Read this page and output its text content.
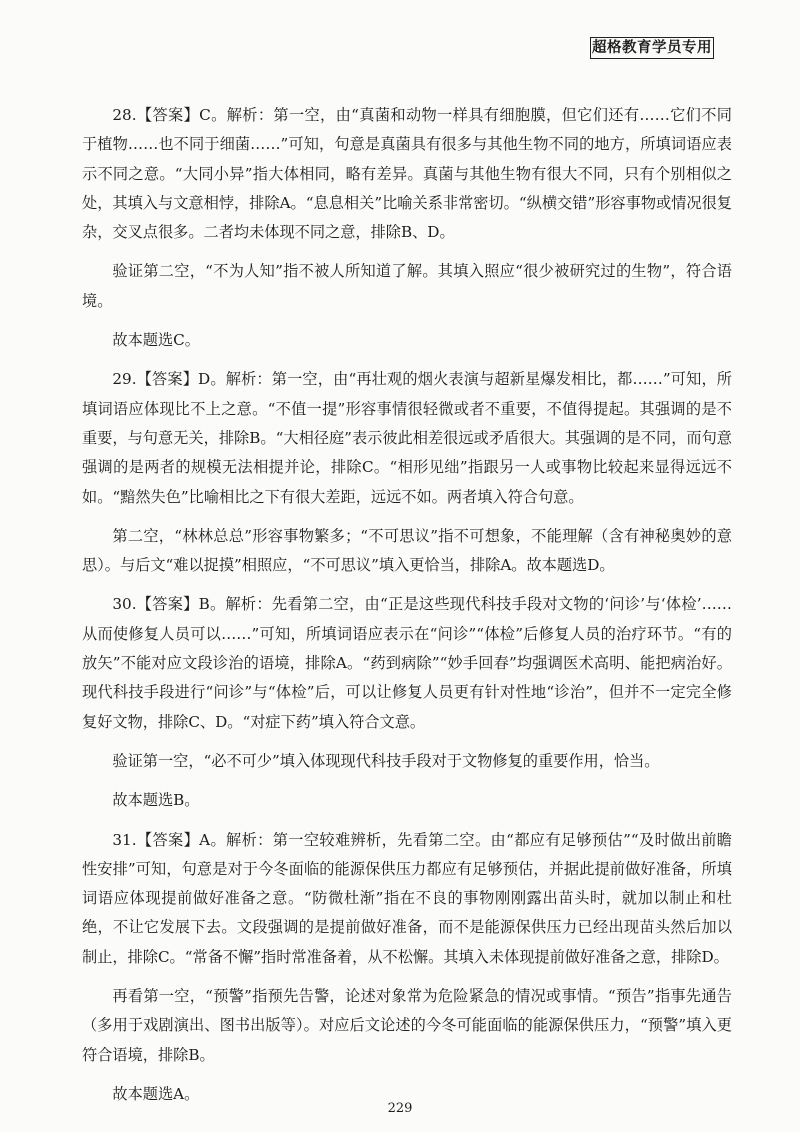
超格教育学员专用

28.【答案】C。解析：第一空，由“真菌和动物一样具有细胞膜，但它们还有……它们不同于植物……也不同于细菌……”可知，句意是真菌具有很多与其他生物不同的地方，所填词语应表示不同之意。“大同小异”指大体相同，略有差异。真菌与其他生物有很大不同，只有个别相似之处，其填入与文意相悖，排除A。“息息相关”比喻关系非常密切。“纵横交错”形容事物或情况很复杂，交叉点很多。二者均未体现不同之意，排除B、D。

验证第二空，“不为人知”指不被人所知道了解。其填入照应“很少被研究过的生物”，符合语境。

故本题选C。

29.【答案】D。解析：第一空，由“再壮观的烟火表演与超新星爆发相比，都……”可知，所填词语应体现比不上之意。“不值一提”形容事情很轻微或者不重要，不值得提起。其强调的是不重要，与句意无关，排除B。“大相径庭”表示彼此相差很远或矛盾很大。其强调的是不同，而句意强调的是两者的规模无法相提并论，排除C。“相形见绌”指跟另一人或事物比较起来显得远远不如。“黯然失色”比喻相比之下有很大差距，远远不如。两者填入符合句意。

第二空，“林林总总”形容事物繁多；“不可思议”指不可想象，不能理解（含有神秘奥妙的意思）。与后文“难以捉摸”相照应，“不可思议”填入更恰当，排除A。故本题选D。

30.【答案】B。解析：先看第二空，由“正是这些现代科技手段对文物的‘问诊’与‘体检’……从而使修复人员可以……”可知，所填词语应表示在“问诊”“体检”后修复人员的治疗环节。“有的放矢”不能对应文段诊治的语境，排除A。“药到病除”“妙手回春”均强调医术高明、能把病治好。现代科技手段进行“问诊”与“体检”后，可以让修复人员更有针对性地“诊治”，但并不一定完全修复好文物，排除C、D。“对症下药”填入符合文意。

验证第一空，“必不可少”填入体现现代科技手段对于文物修复的重要作用，恰当。

故本题选B。

31.【答案】A。解析：第一空较难辨析，先看第二空。由“都应有足够预估”“及时做出前瞻性安排”可知，句意是对于今冬面临的能源保供压力都应有足够预估，并据此提前做好准备，所填词语应体现提前做好准备之意。“防微杜渐”指在不良的事物刚刚露出苗头时，就加以制止和杜绝，不让它发展下去。文段强调的是提前做好准备，而不是能源保供压力已经出现苗头然后加以制止，排除C。“常备不懈”指时常准备着，从不松懈。其填入未体现提前做好准备之意，排除D。

再看第一空，“预警”指预先告警，论述对象常为危险紧急的情况或事情。“预告”指事先通告（多用于戏剧演出、图书出版等）。对应后文论述的今冬可能面临的能源保供压力，“预警”填入更符合语境，排除B。

故本题选A。

229
